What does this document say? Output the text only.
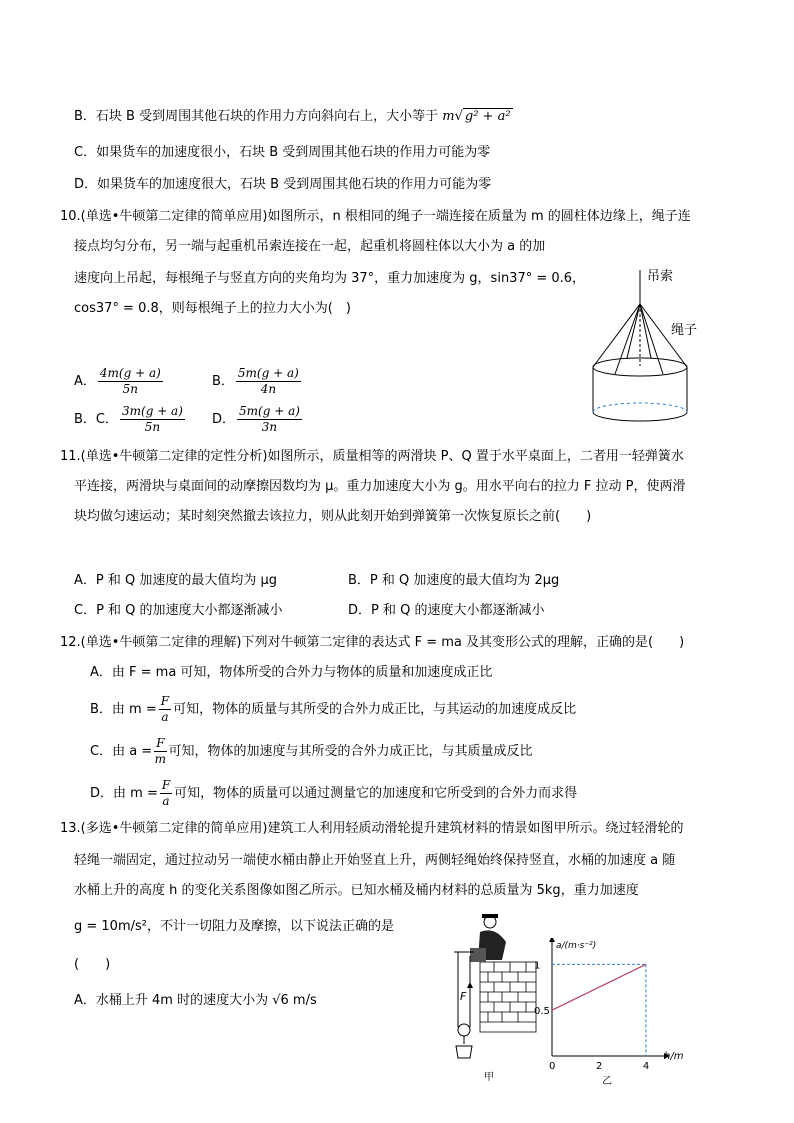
B．石块 B 受到周围其他石块的作用力方向斜向右上，大小等于 m√ g² + a²
C．如果货车的加速度很小，石块 B 受到周围其他石块的作用力可能为零
D．如果货车的加速度很大，石块 B 受到周围其他石块的作用力可能为零
10.(单选•牛顿第二定律的简单应用)如图所示，n 根相同的绳子一端连接在质量为 m 的圆柱体边缘上，绳子连
接点均匀分布，另一端与起重机吊索连接在一起，起重机将圆柱体以大小为 a 的加
速度向上吊起，每根绳子与竖直方向的夹角均为 37°，重力加速度为 g，sin37° = 0.6，
cos37° = 0.8，则每根绳子上的拉力大小为(　)
A． $\frac{4m(g + a)}{5n}$	B． $\frac{5m(g + a)}{4n}$
B．C． $\frac{3m(g + a)}{5n}$ D． $\frac{5m(g + a)}{3n}$
吊索
绳子
11.(单选•牛顿第二定律的定性分析)如图所示，质量相等的两滑块 P、Q 置于水平桌面上，二者用一轻弹簧水
平连接，两滑块与桌面间的动摩擦因数均为 μ。重力加速度大小为 g。用水平向右的拉力 F 拉动 P，使两滑
块均做匀速运动；某时刻突然撤去该拉力，则从此刻开始到弹簧第一次恢复原长之前(　　)
A．P 和 Q 加速度的最大值均为 μg	B．P 和 Q 加速度的最大值均为 2μg
C．P 和 Q 的加速度大小都逐渐减小	D．P 和 Q 的速度大小都逐渐减小
12.(单选•牛顿第二定律的理解)下列对牛顿第二定律的表达式 F = ma 及其变形公式的理解，正确的是(　　)
A．由 F = ma 可知，物体所受的合外力与物体的质量和加速度成正比
B．由 $m = \frac{F}{a}$ 可知，物体的质量与其所受的合外力成正比，与其运动的加速度成反比
C．由 $a = \frac{F}{m}$ 可知，物体的加速度与其所受的合外力成正比，与其质量成反比
D．由 $m = \frac{F}{a}$ 可知，物体的质量可以通过测量它的加速度和它所受到的合外力而求得
13.(多选•牛顿第二定律的简单应用)建筑工人利用轻质动滑轮提升建筑材料的情景如图甲所示。绕过轻滑轮的
轻绳一端固定，通过拉动另一端使水桶由静止开始竖直上升，两侧轻绳始终保持竖直，水桶的加速度 a 随
水桶上升的高度 h 的变化关系图像如图乙所示。已知水桶及桶内材料的总质量为 5kg，重力加速度
g = 10m/s²，不计一切阻力及摩擦，以下说法正确的是
(　　)
A．水桶上升 4m 时的速度大小为 √6 m/s	F
甲
h/m
a/(m·s⁻²)
0	2	4
0.5
1
乙
